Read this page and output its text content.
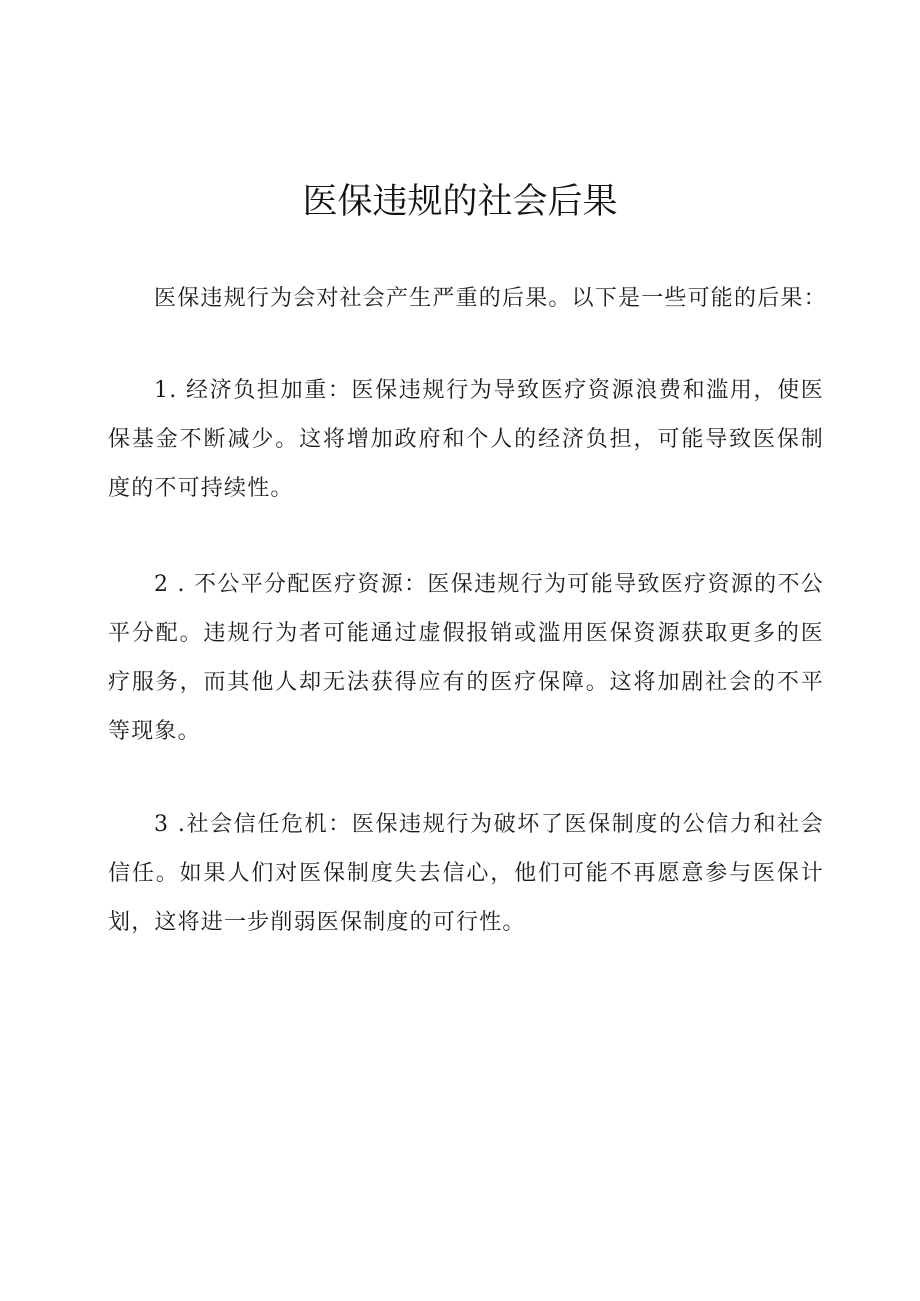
医保违规的社会后果

医保违规行为会对社会产生严重的后果。以下是一些可能的后果：

1. 经济负担加重：医保违规行为导致医疗资源浪费和滥用，使医保基金不断减少。这将增加政府和个人的经济负担，可能导致医保制度的不可持续性。

2 . 不公平分配医疗资源：医保违规行为可能导致医疗资源的不公平分配。违规行为者可能通过虚假报销或滥用医保资源获取更多的医疗服务，而其他人却无法获得应有的医疗保障。这将加剧社会的不平等现象。

3 .社会信任危机：医保违规行为破坏了医保制度的公信力和社会信任。如果人们对医保制度失去信心，他们可能不再愿意参与医保计划，这将进一步削弱医保制度的可行性。
